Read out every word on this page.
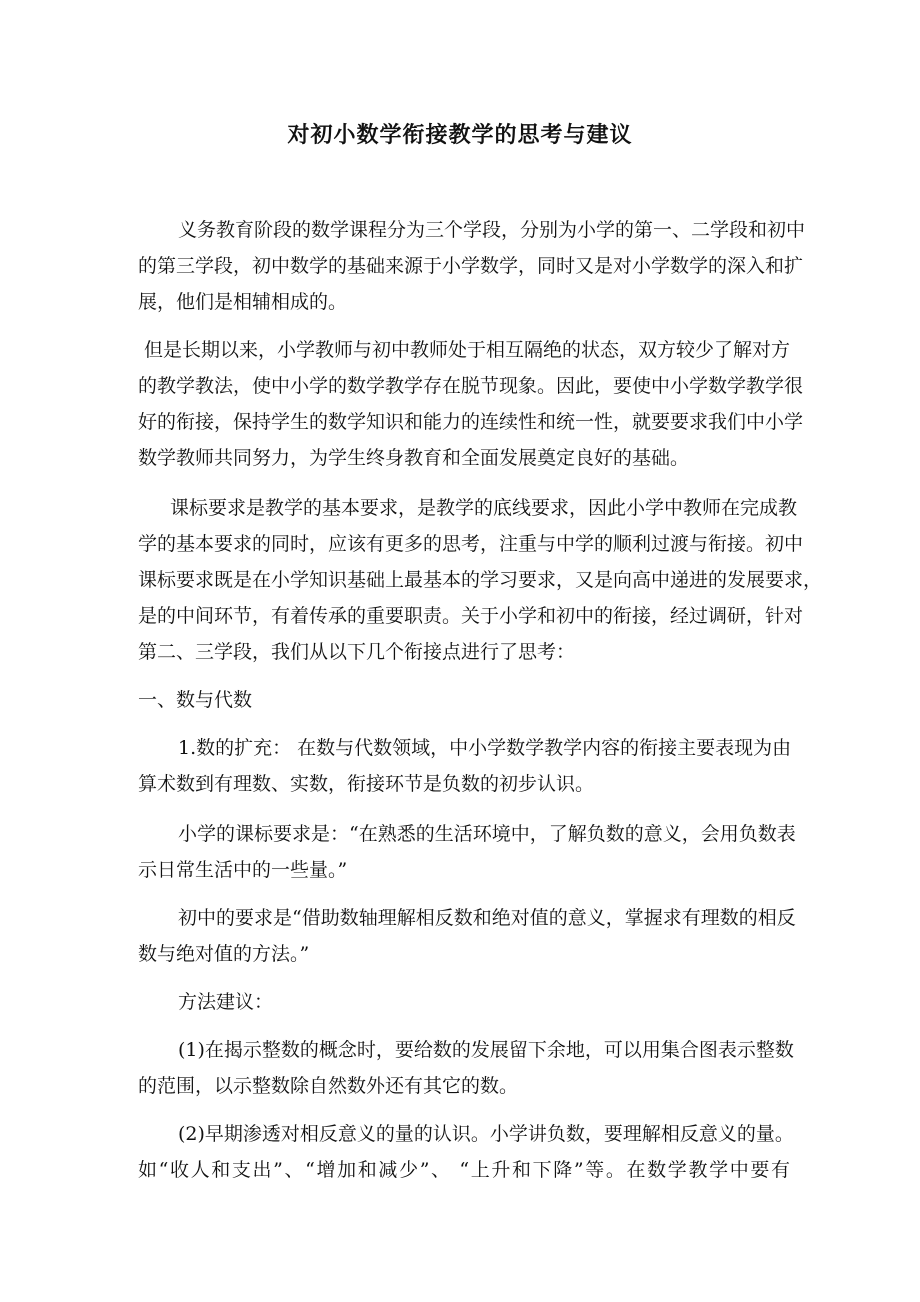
对初小数学衔接教学的思考与建议
义务教育阶段的数学课程分为三个学段，分别为小学的第一、二学段和初中
的第三学段，初中数学的基础来源于小学数学，同时又是对小学数学的深入和扩
展，他们是相辅相成的。
但是长期以来，小学教师与初中教师处于相互隔绝的状态，双方较少了解对方
的教学教法，使中小学的数学教学存在脱节现象。因此，要使中小学数学教学很
好的衔接，保持学生的数学知识和能力的连续性和统一性，就要要求我们中小学
数学教师共同努力，为学生终身教育和全面发展奠定良好的基础。
课标要求是教学的基本要求，是教学的底线要求，因此小学中教师在完成教
学的基本要求的同时，应该有更多的思考，注重与中学的顺利过渡与衔接。初中
课标要求既是在小学知识基础上最基本的学习要求，又是向高中递进的发展要求，
是的中间环节，有着传承的重要职责。关于小学和初中的衔接，经过调研，针对
第二、三学段，我们从以下几个衔接点进行了思考：
一、数与代数
1.数的扩充： 在数与代数领域，中小学数学教学内容的衔接主要表现为由
算术数到有理数、实数，衔接环节是负数的初步认识。
小学的课标要求是：“在熟悉的生活环境中，了解负数的意义，会用负数表
示日常生活中的一些量。”
初中的要求是“借助数轴理解相反数和绝对值的意义，掌握求有理数的相反
数与绝对值的方法。”
方法建议：
(1)在揭示整数的概念时，要给数的发展留下余地，可以用集合图表示整数
的范围，以示整数除自然数外还有其它的数。
(2)早期渗透对相反意义的量的认识。小学讲负数，要理解相反意义的量。
如“收人和支出”、“增加和减少”、 “上升和下降”等。在数学教学中要有
